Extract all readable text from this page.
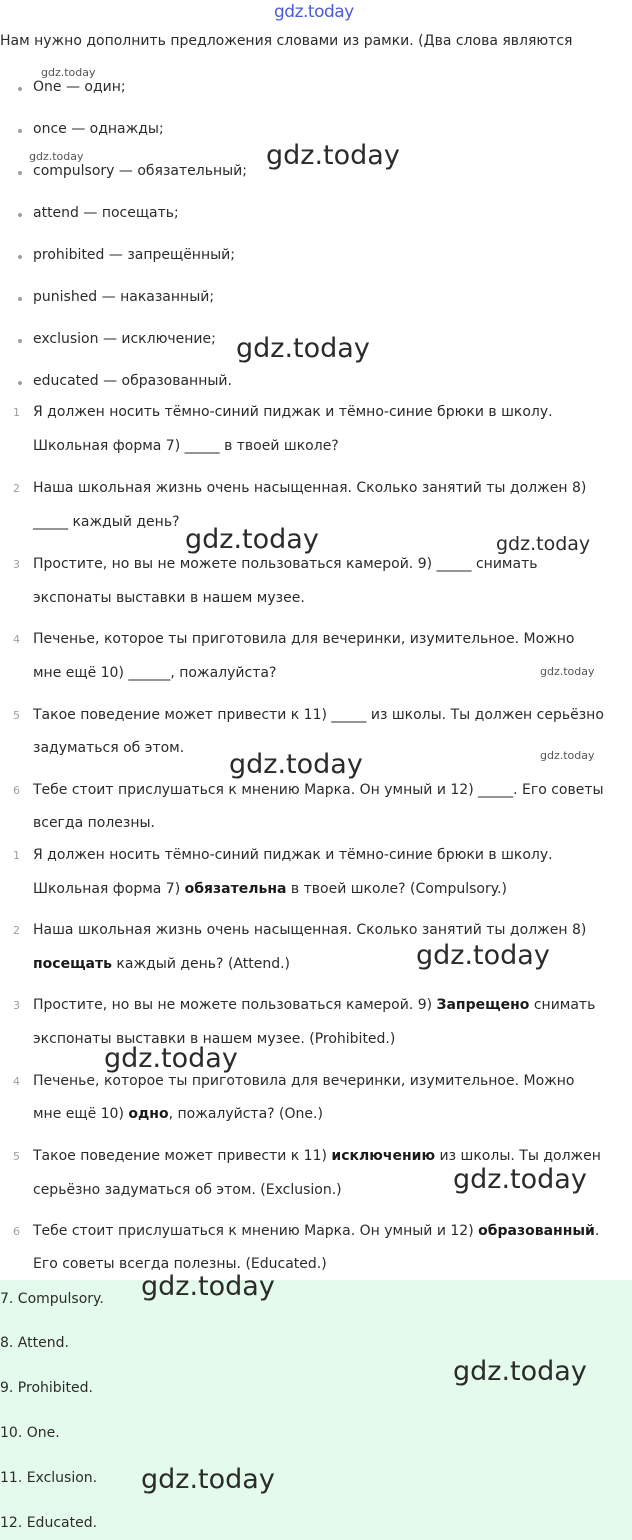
gdz.today
Нам нужно дополнить предложения словами из рамки. (Два слова являются
One — один;
once — однажды;
compulsory — обязательный;
attend — посещать;
prohibited — запрещённый;
punished — наказанный;
exclusion — исключение;
educated — образованный.
1 Я должен носить тёмно-синий пиджак и тёмно-синие брюки в школу.
Школьная форма 7) _____ в твоей школе?
2 Наша школьная жизнь очень насыщенная. Сколько занятий ты должен 8)
_____ каждый день?
3 Простите, но вы не можете пользоваться камерой. 9) _____ снимать
экспонаты выставки в нашем музее.
4 Печенье, которое ты приготовила для вечеринки, изумительное. Можно
мне ещё 10) ______, пожалуйста?
5 Такое поведение может привести к 11) _____ из школы. Ты должен серьёзно
задуматься об этом.
6 Тебе стоит прислушаться к мнению Марка. Он умный и 12) _____. Его советы
всегда полезны.
1 Я должен носить тёмно-синий пиджак и тёмно-синие брюки в школу.
Школьная форма 7) обязательна в твоей школе? (Compulsory.)
2 Наша школьная жизнь очень насыщенная. Сколько занятий ты должен 8)
посещать каждый день? (Attend.)
3 Простите, но вы не можете пользоваться камерой. 9) Запрещено снимать
экспонаты выставки в нашем музее. (Prohibited.)
4 Печенье, которое ты приготовила для вечеринки, изумительное. Можно
мне ещё 10) одно, пожалуйста? (One.)
5 Такое поведение может привести к 11) исключению из школы. Ты должен
серьёзно задуматься об этом. (Exclusion.)
6 Тебе стоит прислушаться к мнению Марка. Он умный и 12) образованный.
Его советы всегда полезны. (Educated.)
7. Compulsory.
8. Attend.
9. Prohibited.
10. One.
11. Exclusion.
12. Educated.
gdz.today
gdz.today	gdz.today
gdz.today
gdz.today	gdz.today
gdz.today
gdz.today
gdz.today
gdz.today
gdz.today
gdz.today
gdz.today
gdz.today
gdz.today
